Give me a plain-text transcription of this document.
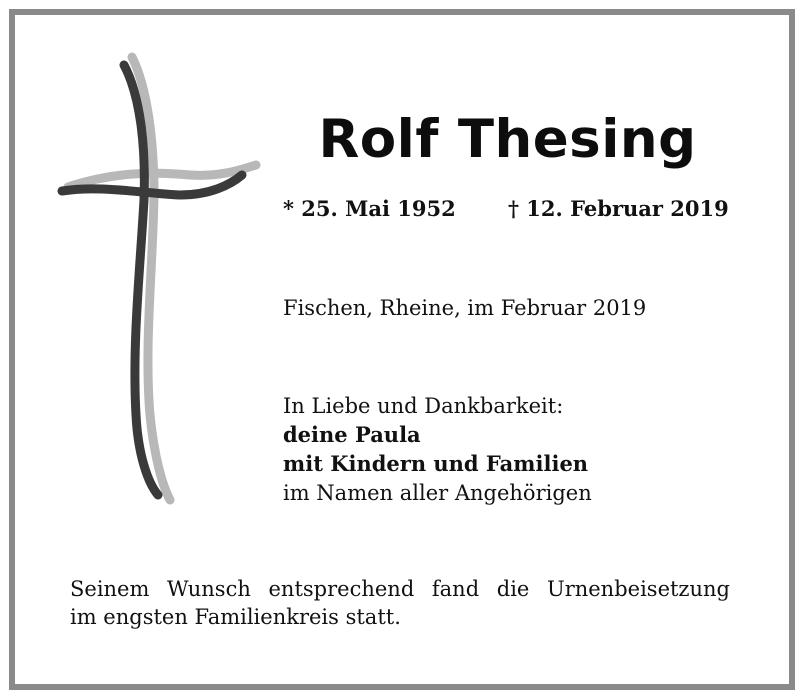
Rolf Thesing
* 25. Mai 1952 † 12. Februar 2019
Fischen, Rheine, im Februar 2019
In Liebe und Dankbarkeit:
deine Paula
mit Kindern und Familien
im Namen aller Angehörigen
Seinem Wunsch entsprechend fand die Urnenbeisetzung
im engsten Familienkreis statt.
